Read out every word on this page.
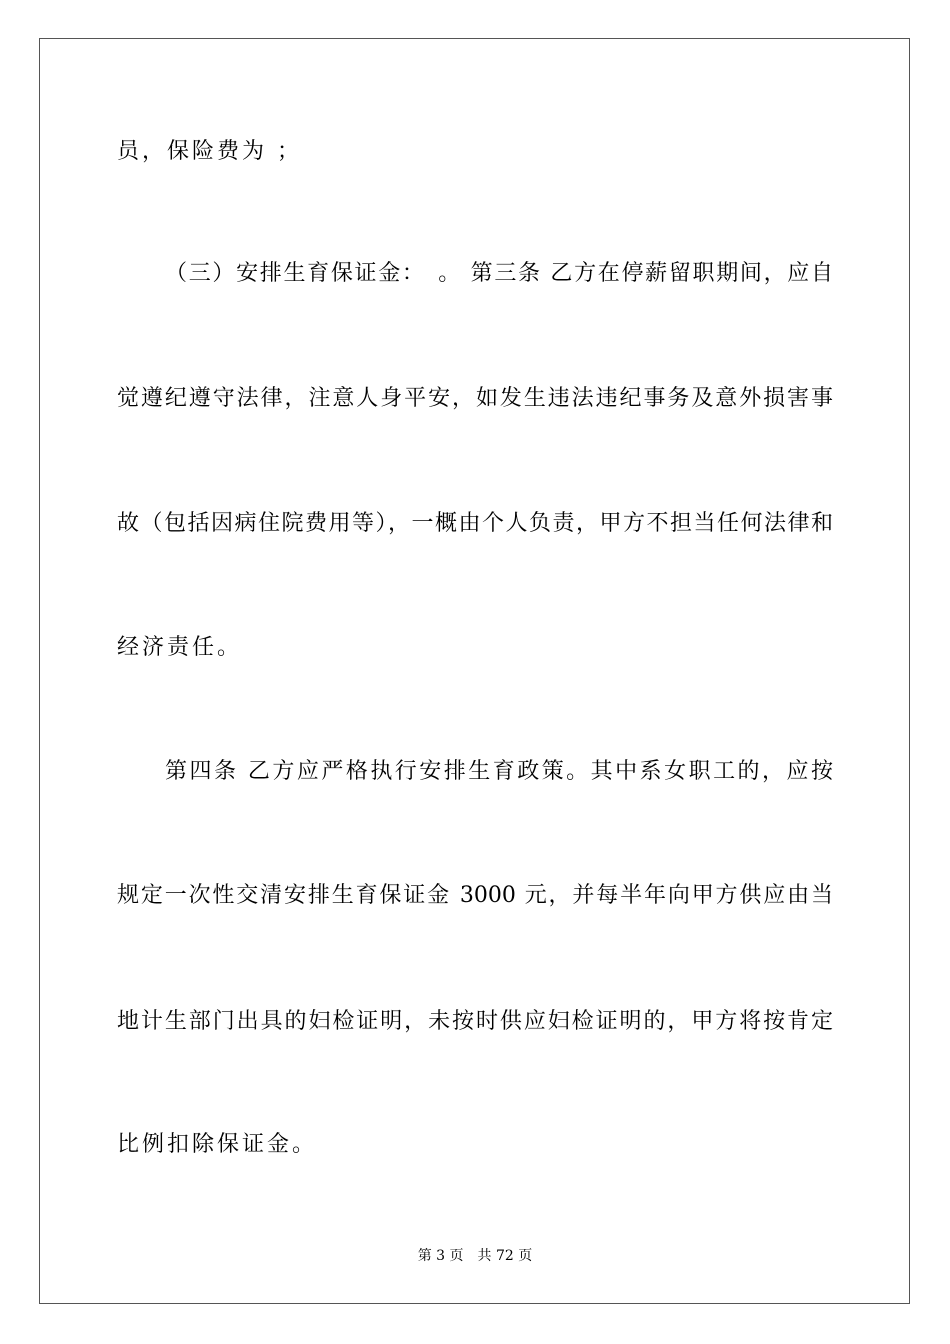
员，保险费为 ；
（三）安排生育保证金：　。 第三条 乙方在停薪留职期间，应自
觉遵纪遵守法律，注意人身平安，如发生违法违纪事务及意外损害事
故（包括因病住院费用等），一概由个人负责，甲方不担当任何法律和
经济责任。
第四条 乙方应严格执行安排生育政策。其中系女职工的，应按
规定一次性交清安排生育保证金 3000 元，并每半年向甲方供应由当
地计生部门出具的妇检证明，未按时供应妇检证明的，甲方将按肯定
比例扣除保证金。
第 3 页 共 72 页
